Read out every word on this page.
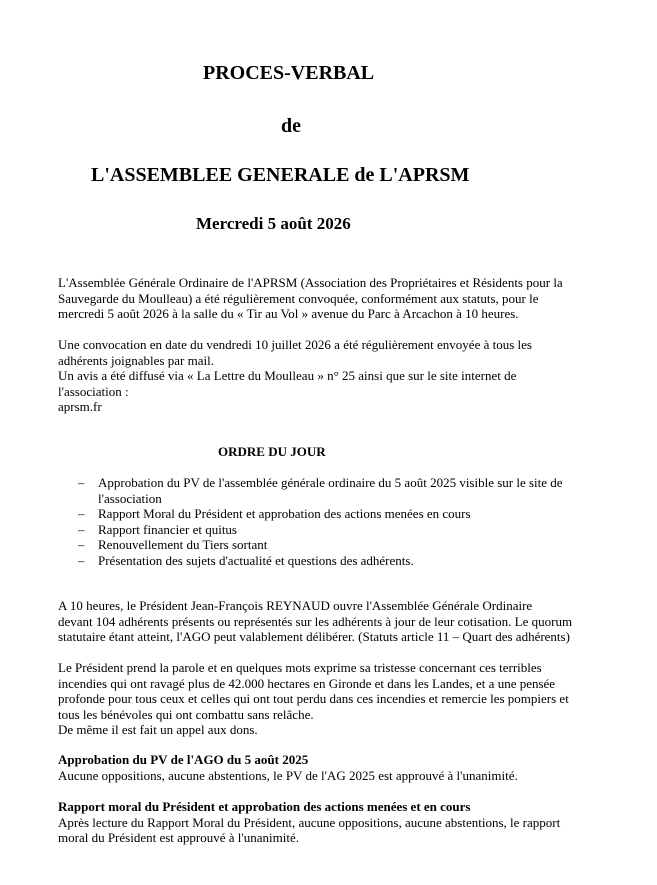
PROCES-VERBAL
de
L'ASSEMBLEE GENERALE de L'APRSM
Mercredi 5 août 2026
L'Assemblée Générale Ordinaire de l'APRSM (Association des Propriétaires et Résidents pour la
Sauvegarde du Moulleau) a été régulièrement convoquée, conformément aux statuts, pour le
mercredi 5 août 2026 à la salle du « Tir au Vol » avenue du Parc à Arcachon à 10 heures.
Une convocation en date du vendredi 10 juillet 2026 a été régulièrement envoyée à tous les
adhérents joignables par mail.
Un avis a été diffusé via « La Lettre du Moulleau » n° 25 ainsi que sur le site internet de
l'association :
aprsm.fr
ORDRE DU JOUR
– Approbation du PV de l'assemblée générale ordinaire du 5 août 2025 visible sur le site de l'association
– Rapport Moral du Président et approbation des actions menées en cours
– Rapport financier et quitus
– Renouvellement du Tiers sortant
– Présentation des sujets d'actualité et questions des adhérents.
A 10 heures, le Président Jean-François REYNAUD ouvre l'Assemblée Générale Ordinaire
devant 104 adhérents présents ou représentés sur les adhérents à jour de leur cotisation. Le quorum
statutaire étant atteint, l'AGO peut valablement délibérer. (Statuts article 11 – Quart des adhérents)
Le Président prend la parole et en quelques mots exprime sa tristesse concernant ces terribles
incendies qui ont ravagé plus de 42.000 hectares en Gironde et dans les Landes, et a une pensée
profonde pour tous ceux et celles qui ont tout perdu dans ces incendies et remercie les pompiers et
tous les bénévoles qui ont combattu sans relâche.
De même il est fait un appel aux dons.
Approbation du PV de l'AGO du 5 août 2025
Aucune oppositions, aucune abstentions, le PV de l'AG 2025 est approuvé à l'unanimité.
Rapport moral du Président et approbation des actions menées et en cours
Après lecture du Rapport Moral du Président, aucune oppositions, aucune abstentions, le rapport
moral du Président est approuvé à l'unanimité.
